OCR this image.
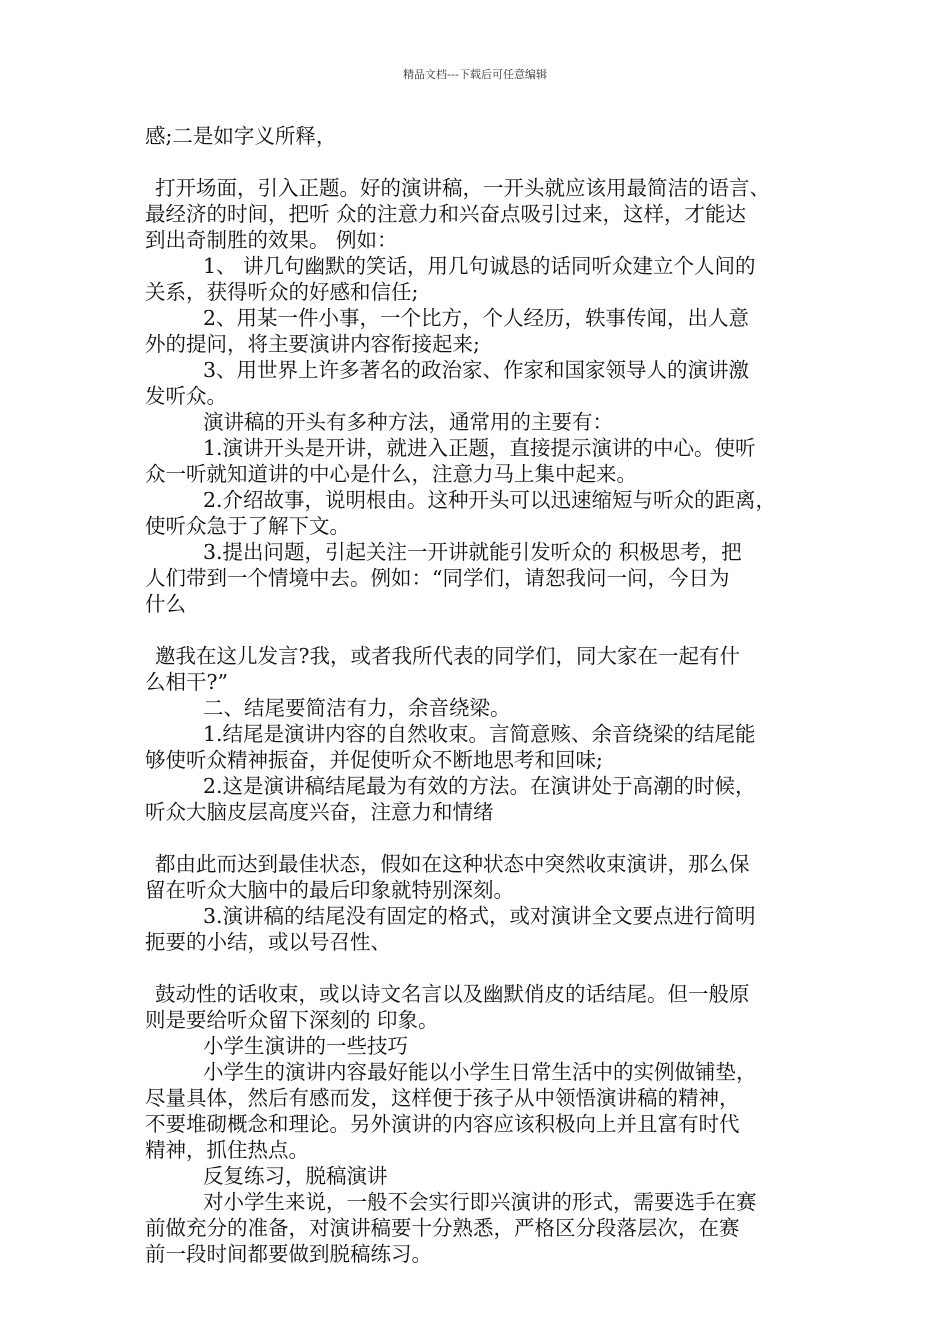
精品文档---下载后可任意编辑
感;二是如字义所释，
打开场面，引入正题。好的演讲稿，一开头就应该用最简洁的语言、
最经济的时间，把听 众的注意力和兴奋点吸引过来，这样，才能达
到出奇制胜的效果。 例如：
1、 讲几句幽默的笑话，用几句诚恳的话同听众建立个人间的
关系，获得听众的好感和信任;
2、用某一件小事，一个比方，个人经历，轶事传闻，出人意
外的提问，将主要演讲内容衔接起来;
3、用世界上许多著名的政治家、作家和国家领导人的演讲激
发听众。
演讲稿的开头有多种方法，通常用的主要有：
1.演讲开头是开讲，就进入正题，直接提示演讲的中心。使听
众一听就知道讲的中心是什么，注意力马上集中起来。
2.介绍故事，说明根由。这种开头可以迅速缩短与听众的距离，
使听众急于了解下文。
3.提出问题，引起关注一开讲就能引发听众的 积极思考，把
人们带到一个情境中去。例如：“同学们，请恕我问一问，今日为
什么
邀我在这儿发言?我，或者我所代表的同学们，同大家在一起有什
么相干?”
二、结尾要简洁有力，余音绕梁。
1.结尾是演讲内容的自然收束。言简意赅、余音绕梁的结尾能
够使听众精神振奋，并促使听众不断地思考和回味;
2.这是演讲稿结尾最为有效的方法。在演讲处于高潮的时候，
听众大脑皮层高度兴奋，注意力和情绪
都由此而达到最佳状态，假如在这种状态中突然收束演讲，那么保
留在听众大脑中的最后印象就特别深刻。
3.演讲稿的结尾没有固定的格式，或对演讲全文要点进行简明
扼要的小结，或以号召性、
鼓动性的话收束，或以诗文名言以及幽默俏皮的话结尾。但一般原
则是要给听众留下深刻的 印象。
小学生演讲的一些技巧
小学生的演讲内容最好能以小学生日常生活中的实例做铺垫，
尽量具体，然后有感而发，这样便于孩子从中领悟演讲稿的精神，
不要堆砌概念和理论。另外演讲的内容应该积极向上并且富有时代
精神，抓住热点。
反复练习，脱稿演讲
对小学生来说，一般不会实行即兴演讲的形式，需要选手在赛
前做充分的准备，对演讲稿要十分熟悉，严格区分段落层次，在赛
前一段时间都要做到脱稿练习。
